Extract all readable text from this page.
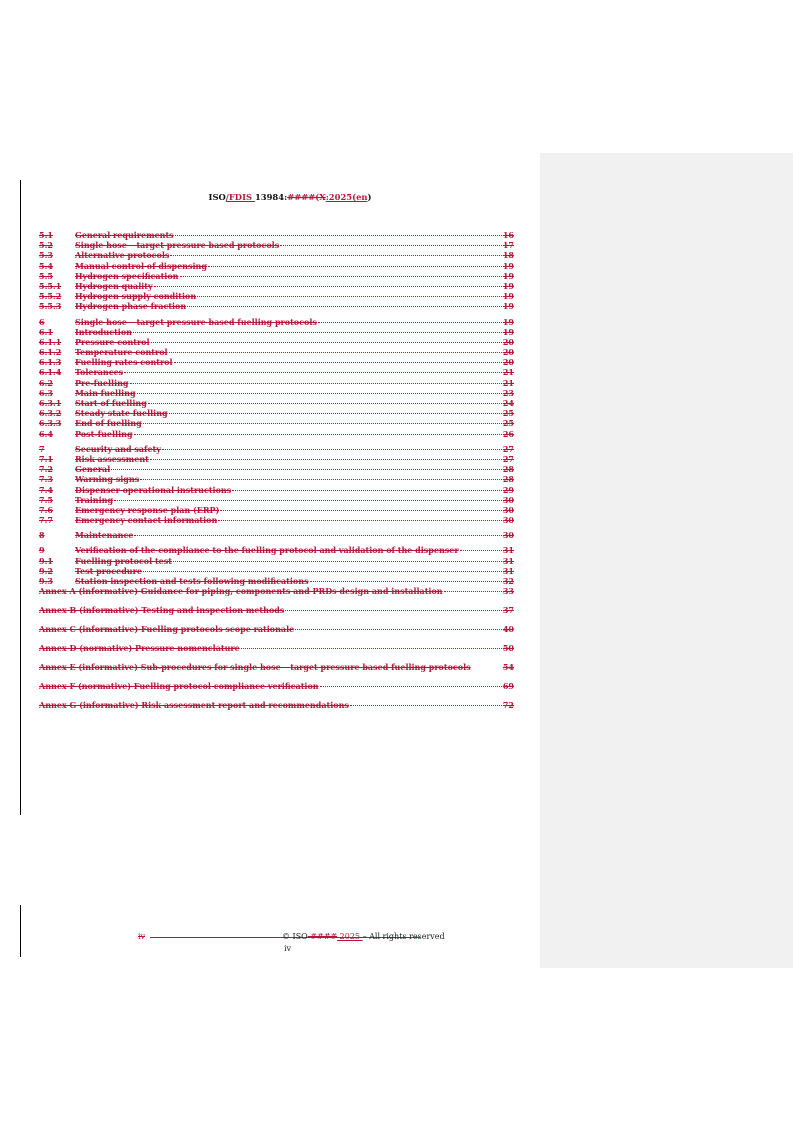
ISO/FDIS 13984:####(X:2025(en)
5.1	General requirements	16
5.2	Single hose – target pressure based protocols	17
5.3	Alternative protocols	18
5.4	Manual control of dispensing	19
5.5	Hydrogen specification	19
5.5.1	Hydrogen quality	19
5.5.2	Hydrogen supply condition	19
5.5.3	Hydrogen phase fraction	19
6	Single hose – target pressure based fuelling protocols	19
6.1	Introduction	19
6.1.1	Pressure control	20
6.1.2	Temperature control	20
6.1.3	Fuelling rates control	20
6.1.4	Tolerances	21
6.2	Pre-fuelling	21
6.3	Main fuelling	23
6.3.1	Start of fuelling	24
6.3.2	Steady state fuelling	25
6.3.3	End of fuelling	25
6.4	Post-fuelling	26
7	Security and safety	27
7.1	Risk assessment	27
7.2	General	28
7.3	Warning signs	28
7.4	Dispenser operational instructions	29
7.5	Training	30
7.6	Emergency response plan (ERP)	30
7.7	Emergency contact information	30
8	Maintenance	30
9	Verification of the compliance to the fuelling protocol and validation of the dispenser	31
9.1	Fuelling protocol test	31
9.2	Test procedure	31
9.3	Station inspection and tests following modifications	32
Annex A (informative) Guidance for piping, components and PRDs design and installation	33
Annex B (informative) Testing and inspection methods	37
Annex C (informative) Fuelling protocols scope rationale	40
Annex D (normative) Pressure nomenclature	50
Annex E (informative) Sub-procedures for single hose – target pressure based fuelling protocols	54
Annex F (normative) Fuelling protocol compliance verification	69
Annex G (informative) Risk assessment report and recommendations	72
iv	© ISO #### 2025 – All rights reserved
iv
